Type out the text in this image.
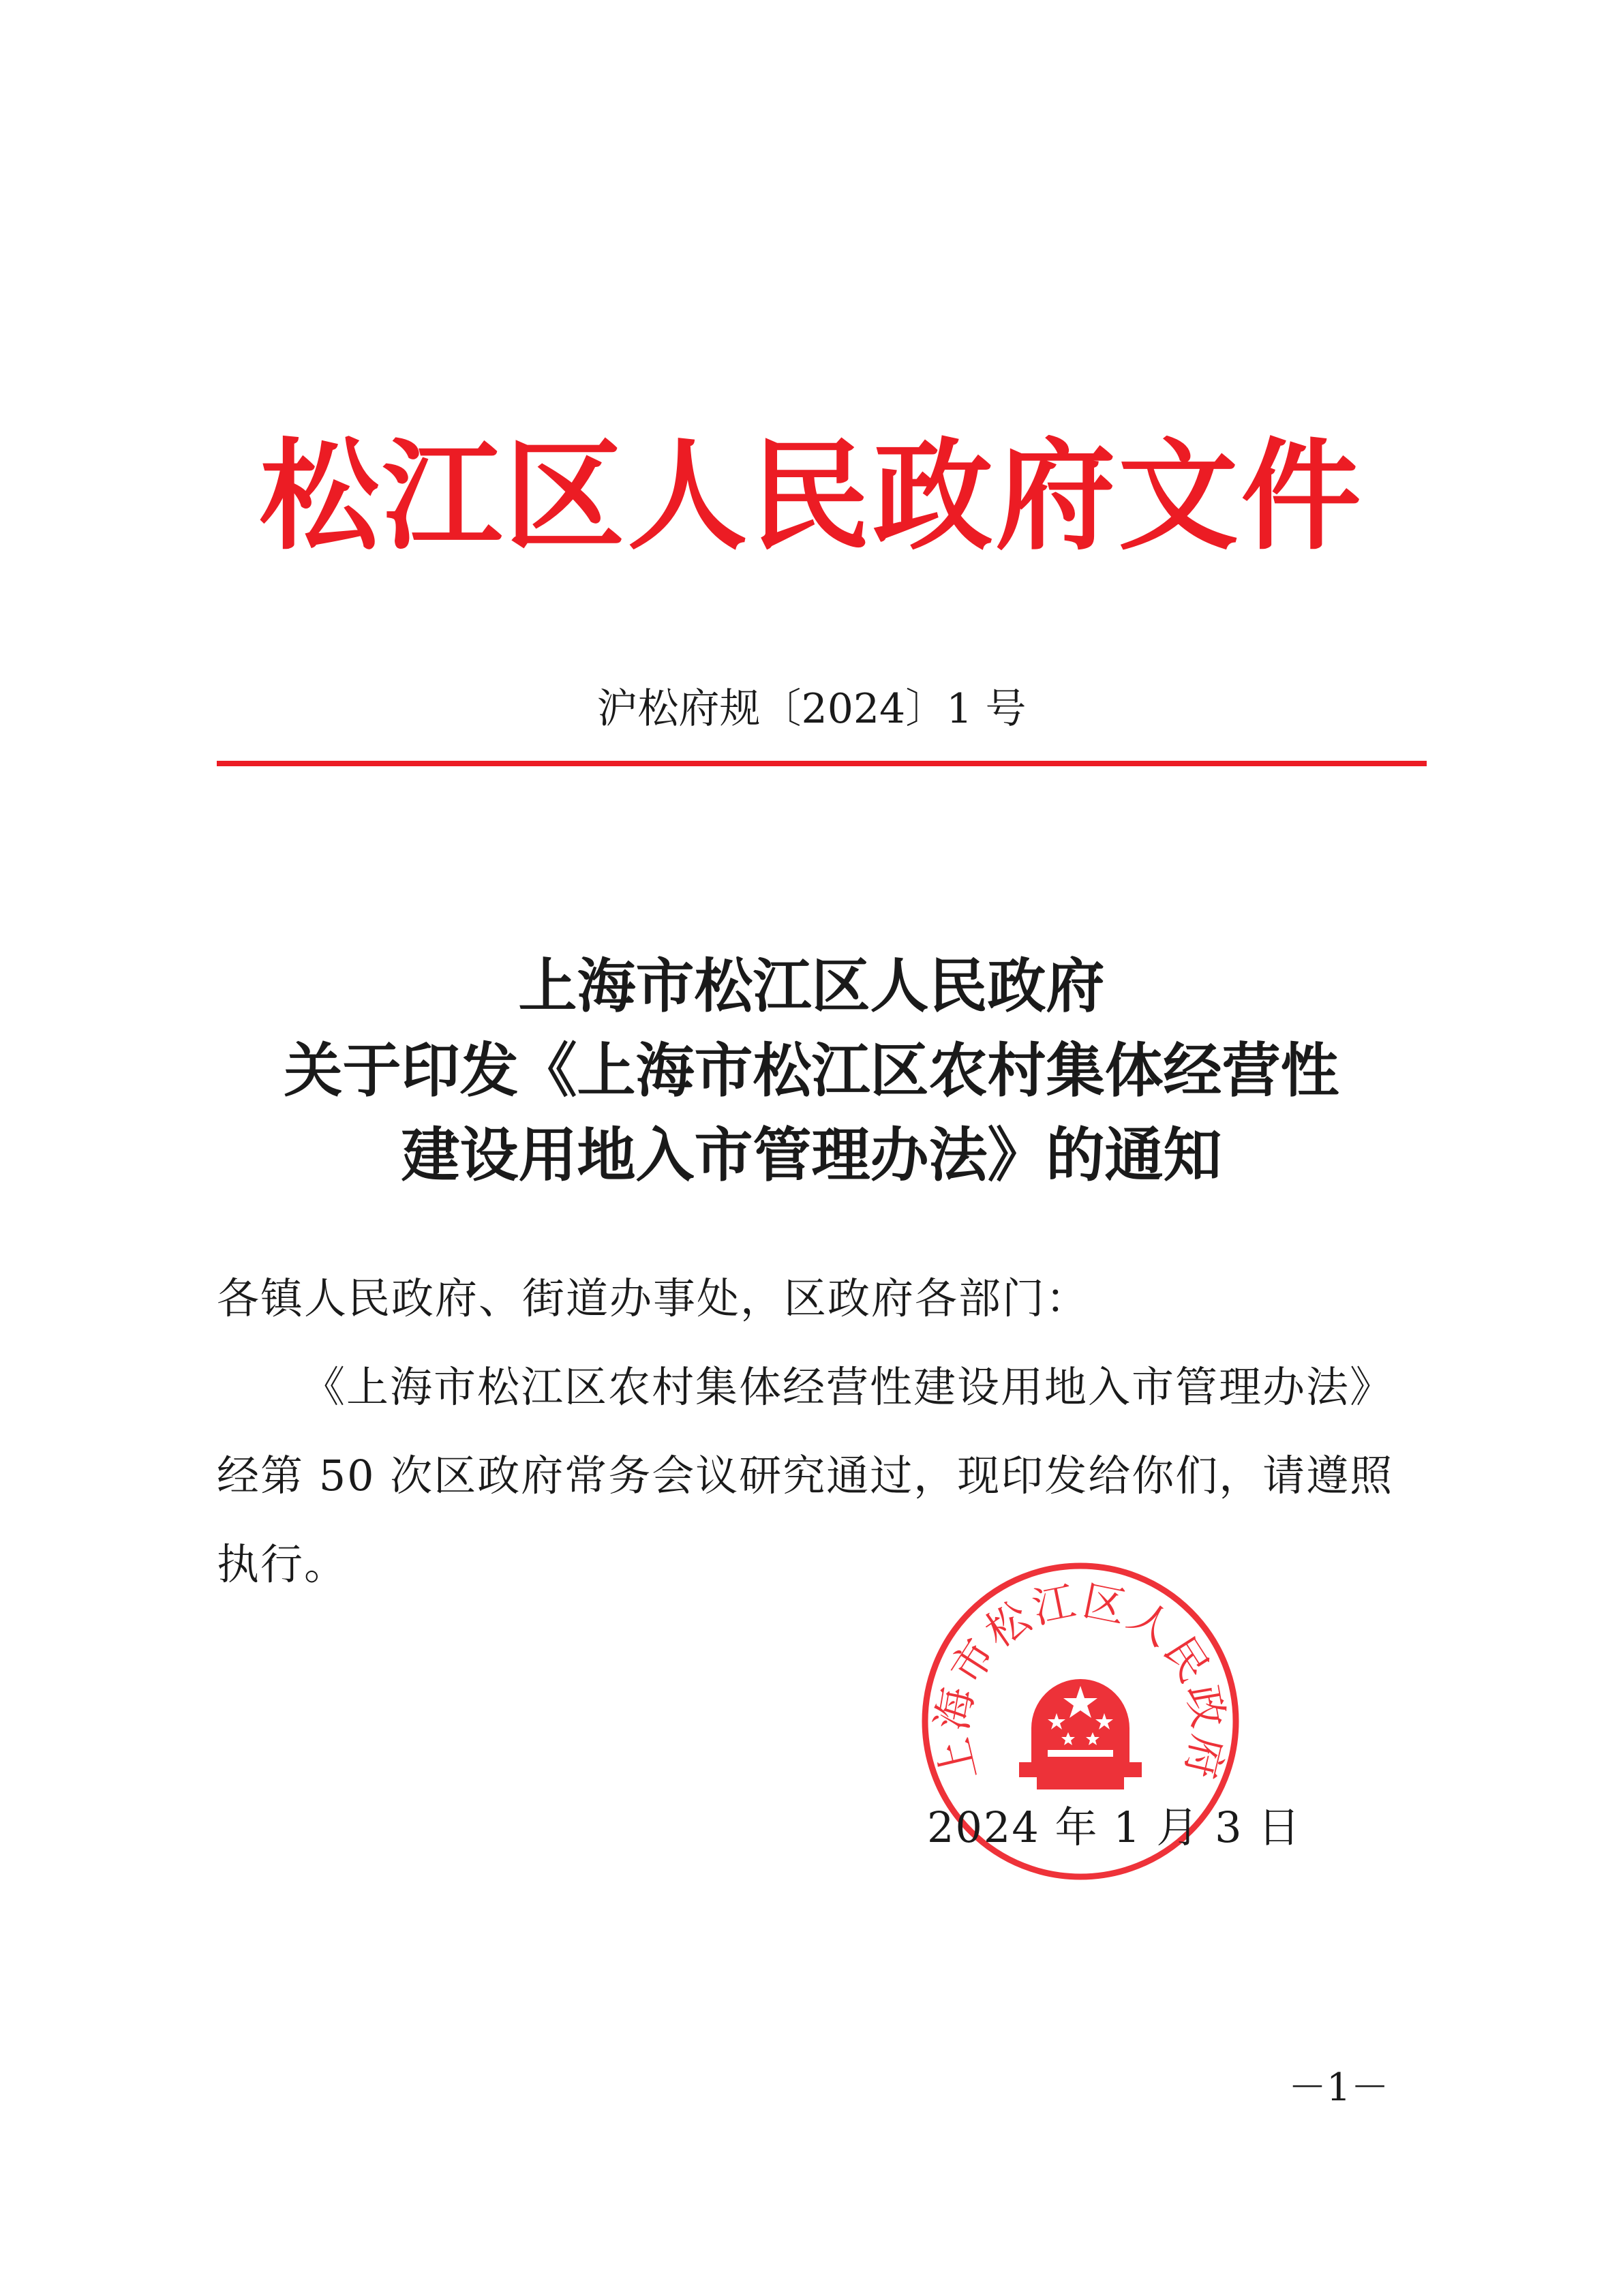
松江区人民政府文件
沪松府规〔2024〕1 号
上海市松江区人民政府
关于印发《上海市松江区农村集体经营性
建设用地入市管理办法》的通知

各镇人民政府、街道办事处，区政府各部门：

《上海市松江区农村集体经营性建设用地入市管理办法》经第 50 次区政府常务会议研究通过，现印发给你们，请遵照执行。

上海市松江区人民政府
2024 年 1 月 3 日
－1－
